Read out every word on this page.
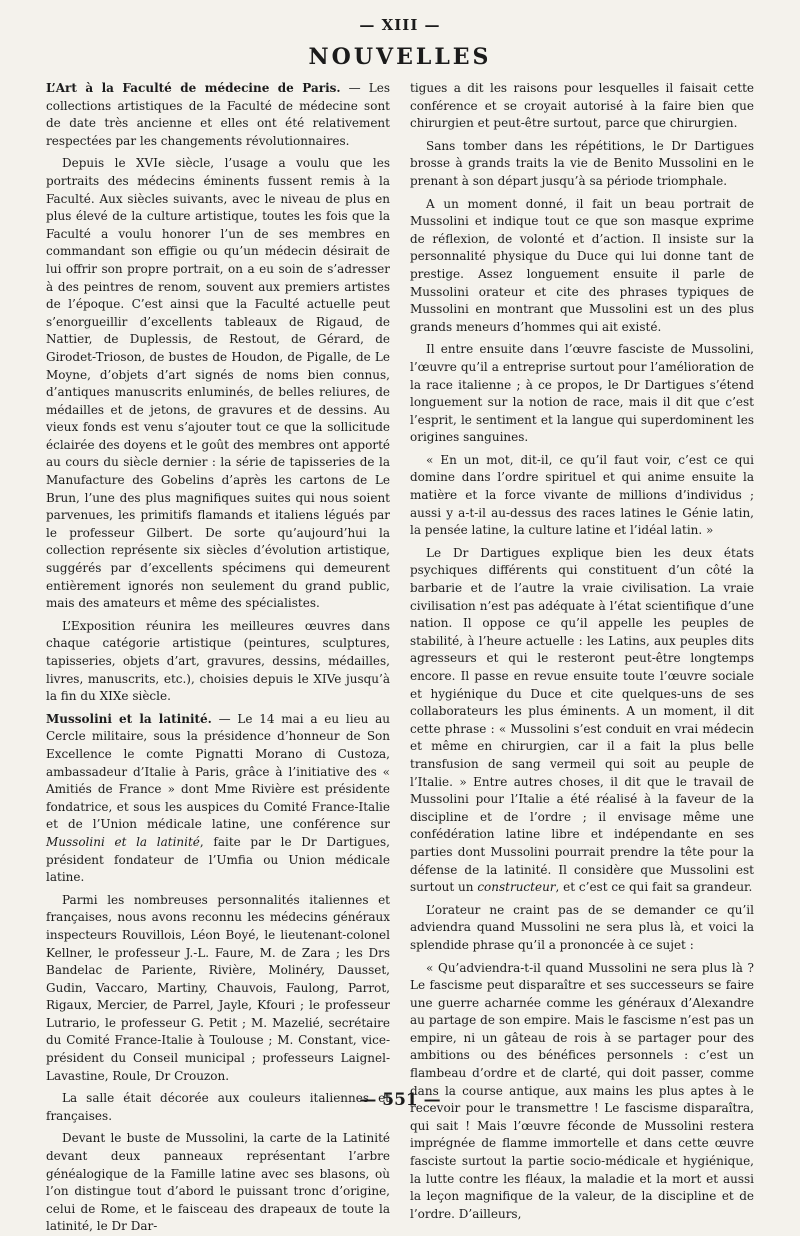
— XIII —
NOUVELLES

L’Art à la Faculté de médecine de Paris. — Les collections artistiques de la Faculté de médecine sont de date très ancienne et elles ont été relativement respectées par les changements révolutionnaires.

Depuis le XVIe siècle, l’usage a voulu que les portraits des médecins éminents fussent remis à la Faculté. Aux siècles suivants, avec le niveau de plus en plus élevé de la culture artistique, toutes les fois que la Faculté a voulu honorer l’un de ses membres en commandant son effigie ou qu’un médecin désirait de lui offrir son propre portrait, on a eu soin de s’adresser à des peintres de renom, souvent aux premiers artistes de l’époque. C’est ainsi que la Faculté actuelle peut s’enorgueillir d’excellents tableaux de Rigaud, de Nattier, de Duplessis, de Restout, de Gérard, de Girodet-Trioson, de bustes de Houdon, de Pigalle, de Le Moyne, d’objets d’art signés de noms bien connus, d’antiques manuscrits enluminés, de belles reliures, de médailles et de jetons, de gravures et de dessins. Au vieux fonds est venu s’ajouter tout ce que la sollicitude éclairée des doyens et le goût des membres ont apporté au cours du siècle dernier : la série de tapisseries de la Manufacture des Gobelins d’après les cartons de Le Brun, l’une des plus magnifiques suites qui nous soient parvenues, les primitifs flamands et italiens légués par le professeur Gilbert. De sorte qu’aujourd’hui la collection représente six siècles d’évolution artistique, suggérés par d’excellents spécimens qui demeurent entièrement ignorés non seulement du grand public, mais des amateurs et même des spécialistes.

L’Exposition réunira les meilleures œuvres dans chaque catégorie artistique (peintures, sculptures, tapisseries, objets d’art, gravures, dessins, médailles, livres, manuscrits, etc.), choisies depuis le XIVe jusqu’à la fin du XIXe siècle.

Mussolini et la latinité. — Le 14 mai a eu lieu au Cercle militaire, sous la présidence d’honneur de Son Excellence le comte Pignatti Morano di Custoza, ambassadeur d’Italie à Paris, grâce à l’initiative des « Amitiés de France » dont Mme Rivière est présidente fondatrice, et sous les auspices du Comité France-Italie et de l’Union médicale latine, une conférence sur Mussolini et la latinité, faite par le Dr Dartigues, président fondateur de l’Umfia ou Union médicale latine.

Parmi les nombreuses personnalités italiennes et françaises, nous avons reconnu les médecins généraux inspecteurs Rouvillois, Léon Boyé, le lieutenant-colonel Kellner, le professeur J.-L. Faure, M. de Zara ; les Drs Bandelac de Pariente, Rivière, Molinéry, Dausset, Gudin, Vaccaro, Martiny, Chauvois, Faulong, Parrot, Rigaux, Mercier, de Parrel, Jayle, Kfouri ; le professeur Lutrario, le professeur G. Petit ; M. Mazelié, secrétaire du Comité France-Italie à Toulouse ; M. Constant, vice-président du Conseil municipal ; professeurs Laignel-Lavastine, Roule, Dr Crouzon.

La salle était décorée aux couleurs italiennes et françaises.

Devant le buste de Mussolini, la carte de la Latinité devant deux panneaux représentant l’arbre généalogique de la Famille latine avec ses blasons, où l’on distingue tout d’abord le puissant tronc d’origine, celui de Rome, et le faisceau des drapeaux de toute la latinité, le Dr Dar-

tigues a dit les raisons pour lesquelles il faisait cette conférence et se croyait autorisé à la faire bien que chirurgien et peut-être surtout, parce que chirurgien.

Sans tomber dans les répétitions, le Dr Dartigues brosse à grands traits la vie de Benito Mussolini en le prenant à son départ jusqu’à sa période triomphale.

A un moment donné, il fait un beau portrait de Mussolini et indique tout ce que son masque exprime de réflexion, de volonté et d’action. Il insiste sur la personnalité physique du Duce qui lui donne tant de prestige. Assez longuement ensuite il parle de Mussolini orateur et cite des phrases typiques de Mussolini en montrant que Mussolini est un des plus grands meneurs d’hommes qui ait existé.

Il entre ensuite dans l’œuvre fasciste de Mussolini, l’œuvre qu’il a entreprise surtout pour l’amélioration de la race italienne ; à ce propos, le Dr Dartigues s’étend longuement sur la notion de race, mais il dit que c’est l’esprit, le sentiment et la langue qui superdominent les origines sanguines.

« En un mot, dit-il, ce qu’il faut voir, c’est ce qui domine dans l’ordre spirituel et qui anime ensuite la matière et la force vivante de millions d’individus ; aussi y a-t-il au-dessus des races latines le Génie latin, la pensée latine, la culture latine et l’idéal latin. »

Le Dr Dartigues explique bien les deux états psychiques différents qui constituent d’un côté la barbarie et de l’autre la vraie civilisation. La vraie civilisation n’est pas adéquate à l’état scientifique d’une nation. Il oppose ce qu’il appelle les peuples de stabilité, à l’heure actuelle : les Latins, aux peuples dits agresseurs et qui le resteront peut-être longtemps encore. Il passe en revue ensuite toute l’œuvre sociale et hygiénique du Duce et cite quelques-uns de ses collaborateurs les plus éminents. A un moment, il dit cette phrase : « Mussolini s’est conduit en vrai médecin et même en chirurgien, car il a fait la plus belle transfusion de sang vermeil qui soit au peuple de l’Italie. » Entre autres choses, il dit que le travail de Mussolini pour l’Italie a été réalisé à la faveur de la discipline et de l’ordre ; il envisage même une confédération latine libre et indépendante en ses parties dont Mussolini pourrait prendre la tête pour la défense de la latinité. Il considère que Mussolini est surtout un constructeur, et c’est ce qui fait sa grandeur.

L’orateur ne craint pas de se demander ce qu’il adviendra quand Mussolini ne sera plus là, et voici la splendide phrase qu’il a prononcée à ce sujet :

« Qu’adviendra-t-il quand Mussolini ne sera plus là ? Le fascisme peut disparaître et ses successeurs se faire une guerre acharnée comme les généraux d’Alexandre au partage de son empire. Mais le fascisme n’est pas un empire, ni un gâteau de rois à se partager pour des ambitions ou des bénéfices personnels : c’est un flambeau d’ordre et de clarté, qui doit passer, comme dans la course antique, aux mains les plus aptes à le recevoir pour le transmettre ! Le fascisme disparaîtra, qui sait ! Mais l’œuvre féconde de Mussolini restera imprégnée de flamme immortelle et dans cette œuvre fasciste surtout la partie socio-médicale et hygiénique, la lutte contre les fléaux, la maladie et la mort et aussi la leçon magnifique de la valeur, de la discipline et de l’ordre. D’ailleurs,

— 551 —
